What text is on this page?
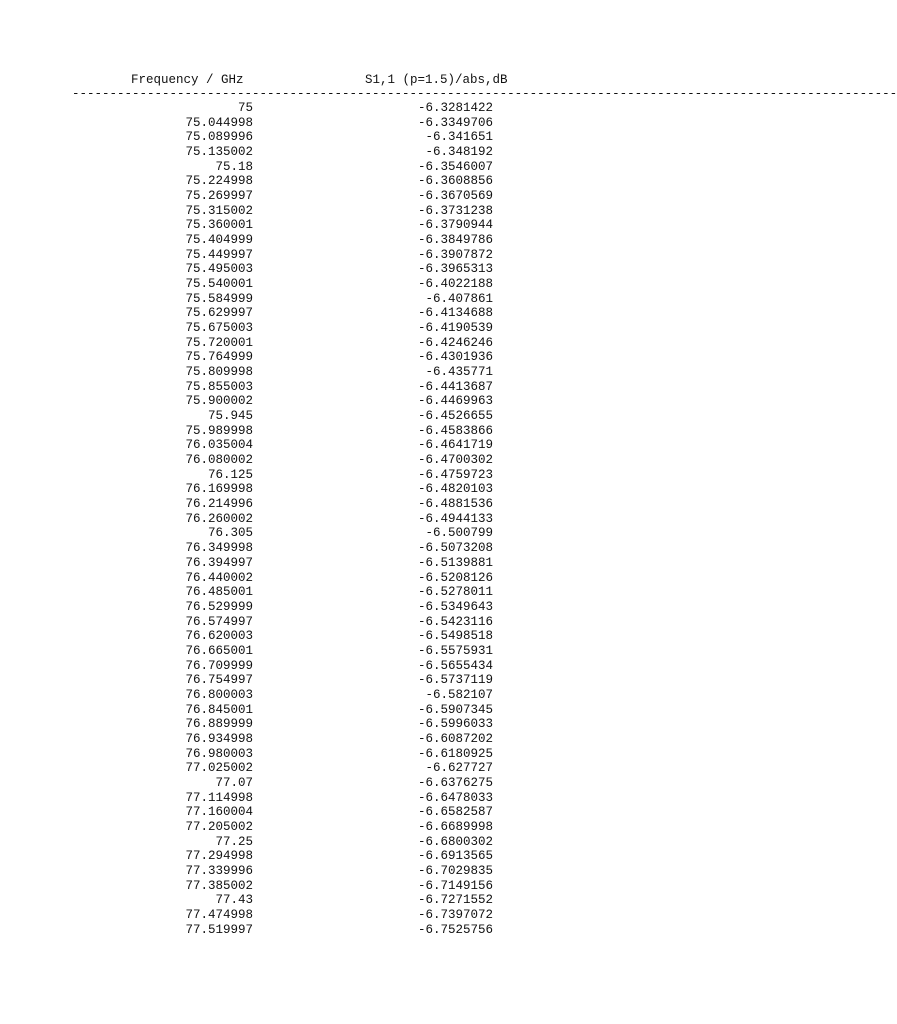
Frequency / GHz	S1,1 (p=1.5)/abs,dB
--------------------------------------------------------------------------------------------------------------
75	-6.3281422
75.044998	-6.3349706
75.089996	-6.341651
75.135002	-6.348192
75.18	-6.3546007
75.224998	-6.3608856
75.269997	-6.3670569
75.315002	-6.3731238
75.360001	-6.3790944
75.404999	-6.3849786
75.449997	-6.3907872
75.495003	-6.3965313
75.540001	-6.4022188
75.584999	-6.407861
75.629997	-6.4134688
75.675003	-6.4190539
75.720001	-6.4246246
75.764999	-6.4301936
75.809998	-6.435771
75.855003	-6.4413687
75.900002	-6.4469963
75.945	-6.4526655
75.989998	-6.4583866
76.035004	-6.4641719
76.080002	-6.4700302
76.125	-6.4759723
76.169998	-6.4820103
76.214996	-6.4881536
76.260002	-6.4944133
76.305	-6.500799
76.349998	-6.5073208
76.394997	-6.5139881
76.440002	-6.5208126
76.485001	-6.5278011
76.529999	-6.5349643
76.574997	-6.5423116
76.620003	-6.5498518
76.665001	-6.5575931
76.709999	-6.5655434
76.754997	-6.5737119
76.800003	-6.582107
76.845001	-6.5907345
76.889999	-6.5996033
76.934998	-6.6087202
76.980003	-6.6180925
77.025002	-6.627727
77.07	-6.6376275
77.114998	-6.6478033
77.160004	-6.6582587
77.205002	-6.6689998
77.25	-6.6800302
77.294998	-6.6913565
77.339996	-6.7029835
77.385002	-6.7149156
77.43	-6.7271552
77.474998	-6.7397072
77.519997	-6.7525756
